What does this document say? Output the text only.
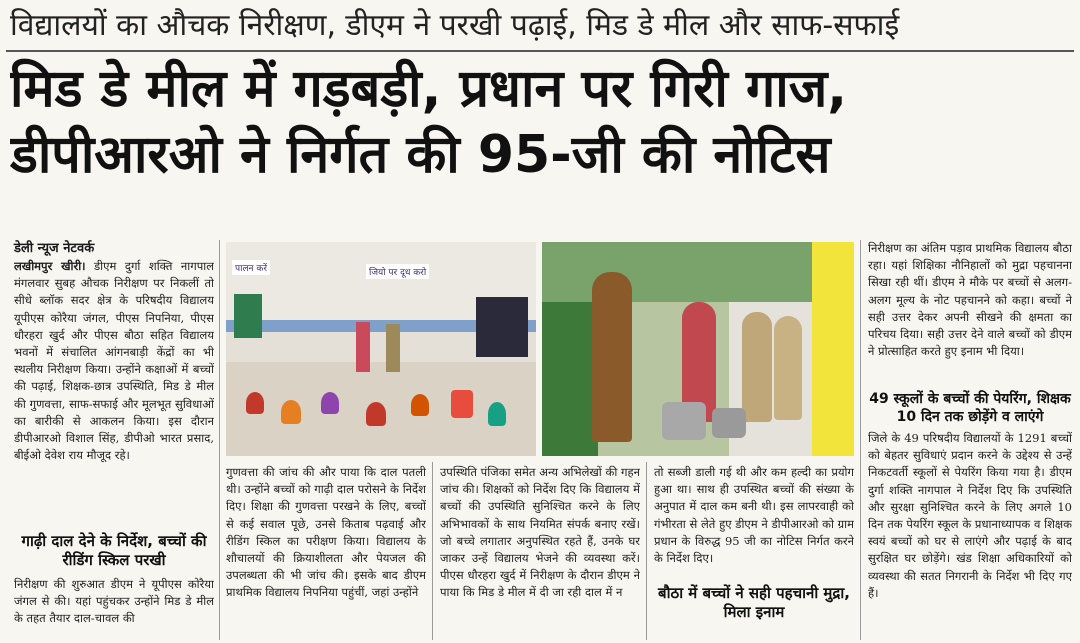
विद्यालयों का औचक निरीक्षण, डीएम ने परखी पढ़ाई, मिड डे मील और साफ-सफाई
मिड डे मील में गड़बड़ी, प्रधान पर गिरी गाज,
डीपीआरओ ने निर्गत की 95-जी की नोटिस
डेली न्यूज नेटवर्क

लखीमपुर खीरी। डीएम दुर्गा शक्ति नागपाल मंगलवार सुबह औचक निरीक्षण पर निकलीं तो सीधे ब्लॉक सदर क्षेत्र के परिषदीय विद्यालय यूपीएस कोरैया जंगल, पीएस निपनिया, पीएस धौरहरा खुर्द और पीएस बौठा सहित विद्यालय भवनों में संचालित आंगनबाड़ी केंद्रों का भी स्थलीय निरीक्षण किया। उन्होंने कक्षाओं में बच्चों की पढ़ाई, शिक्षक-छात्र उपस्थिति, मिड डे मील की गुणवत्ता, साफ-सफाई और मूलभूत सुविधाओं का बारीकी से आकलन किया। इस दौरान डीपीआरओ विशाल सिंह, डीपीओ भारत प्रसाद, बीईओ देवेश राय मौजूद रहे।

गाढ़ी दाल देने के निर्देश, बच्चों की रीडिंग स्किल परखी

निरीक्षण की शुरुआत डीएम ने यूपीएस कोरैया जंगल से की। यहां पहुंचकर उन्होंने मिड डे मील के तहत तैयार दाल-चावल की

पालन करें	जियो पर दूध करो

गुणवत्ता की जांच की और पाया कि दाल पतली थी। उन्होंने बच्चों को गाढ़ी दाल परोसने के निर्देश दिए। शिक्षा की गुणवत्ता परखने के लिए, बच्चों से कई सवाल पूछे, उनसे किताब पढ़वाई और रीडिंग स्किल का परीक्षण किया। विद्यालय के शौचालयों की क्रियाशीलता और पेयजल की उपलब्धता की भी जांच की। इसके बाद डीएम प्राथमिक विद्यालय निपनिया पहुंचीं, जहां उन्होंने

उपस्थिति पंजिका समेत अन्य अभिलेखों की गहन जांच की। शिक्षकों को निर्देश दिए कि विद्यालय में बच्चों की उपस्थिति सुनिश्चित करने के लिए अभिभावकों के साथ नियमित संपर्क बनाए रखें। जो बच्चे लगातार अनुपस्थित रहते हैं, उनके घर जाकर उन्हें विद्यालय भेजने की व्यवस्था करें। पीएस धौरहरा खुर्द में निरीक्षण के दौरान डीएम ने पाया कि मिड डे मील में दी जा रही दाल में न

तो सब्जी डाली गई थी और कम हल्दी का प्रयोग हुआ था। साथ ही उपस्थित बच्चों की संख्या के अनुपात में दाल कम बनी थी। इस लापरवाही को गंभीरता से लेते हुए डीएम ने डीपीआरओ को ग्राम प्रधान के विरुद्ध 95 जी का नोटिस निर्गत करने के निर्देश दिए।

बौठा में बच्चों ने सही पहचानी मुद्रा, मिला इनाम

निरीक्षण का अंतिम पड़ाव प्राथमिक विद्यालय बौठा रहा। यहां शिक्षिका नौनिहालों को मुद्रा पहचानना सिखा रही थीं। डीएम ने मौके पर बच्चों से अलग-अलग मूल्य के नोट पहचानने को कहा। बच्चों ने सही उत्तर देकर अपनी सीखने की क्षमता का परिचय दिया। सही उत्तर देने वाले बच्चों को डीएम ने प्रोत्साहित करते हुए इनाम भी दिया।

49 स्कूलों के बच्चों की पेयरिंग, शिक्षक 10 दिन तक छोड़ेंगे व लाएंगे

जिले के 49 परिषदीय विद्यालयों के 1291 बच्चों को बेहतर सुविधाएं प्रदान करने के उद्देश्य से उन्हें निकटवर्ती स्कूलों से पेयरिंग किया गया है। डीएम दुर्गा शक्ति नागपाल ने निर्देश दिए कि उपस्थिति और सुरक्षा सुनिश्चित करने के लिए अगले 10 दिन तक पेयरिंग स्कूल के प्रधानाध्यापक व शिक्षक स्वयं बच्चों को घर से लाएंगे और पढ़ाई के बाद सुरक्षित घर छोड़ेंगे। खंड शिक्षा अधिकारियों को व्यवस्था की सतत निगरानी के निर्देश भी दिए गए हैं।
